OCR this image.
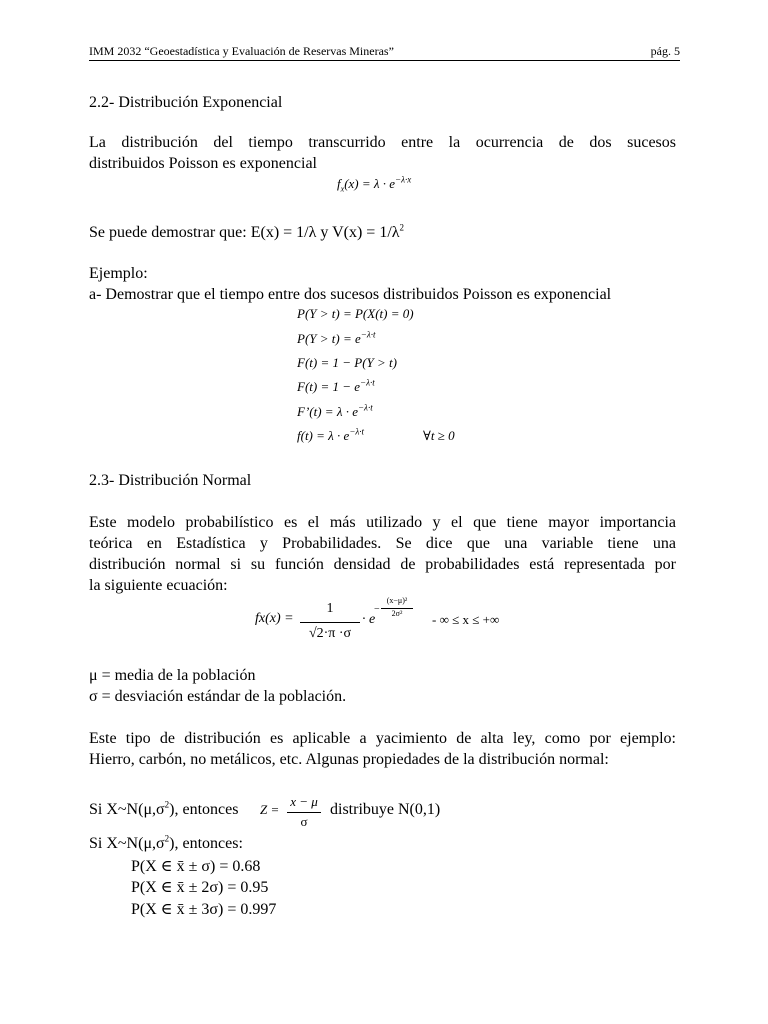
IMM 2032 “Geoestadística y Evaluación de Reservas Mineras”	pág. 5
2.2- Distribución Exponencial
La distribución del tiempo transcurrido entre la ocurrencia de dos sucesos
distribuidos Poisson es exponencial
$f_x(x) = \lambda \cdot e^{-\lambda\cdot x}$
Se puede demostrar que: E(x) = 1/λ y $V(x) = 1/\lambda^2$
Ejemplo:
a- Demostrar que el tiempo entre dos sucesos distribuidos Poisson es exponencial
P(Y > t) = P(X(t) = 0)
$P(Y > t) = e^{-\lambda\cdot t}$
F(t) = 1 − P(Y > t)
$F(t) = 1 - e^{-\lambda\cdot t}$
F’(t) = $\lambda \cdot e^{-\lambda\cdot t}$
$f(t) = \lambda \cdot e^{-\lambda\cdot t}$	∀t ≥ 0
2.3- Distribución Normal
Este modelo probabilístico es el más utilizado y el que tiene mayor importancia
teórica en Estadística y Probabilidades. Se dice que una variable tiene una
distribución normal si su función densidad de probabilidades está representada por
la siguiente ecuación:
fx(x) =
1
√2·π ·σ
· e
−
(x−μ)²
2σ²	- ∞ ≤ x ≤ +∞
μ = media de la población
σ = desviación estándar de la población.
Este tipo de distribución es aplicable a yacimiento de alta ley, como por ejemplo:
Hierro, carbón, no metálicos, etc. Algunas propiedades de la distribución normal:
Si $X\sim N(\mu,\sigma^2)$, entonces Z =
x − μ
σ
distribuye N(0,1)
Si $X\sim N(\mu,\sigma^2)$, entonces:
P(X ∈ x̄ ± σ) = 0.68
P(X ∈ x̄ ± 2σ) = 0.95
P(X ∈ x̄ ± 3σ) = 0.997
